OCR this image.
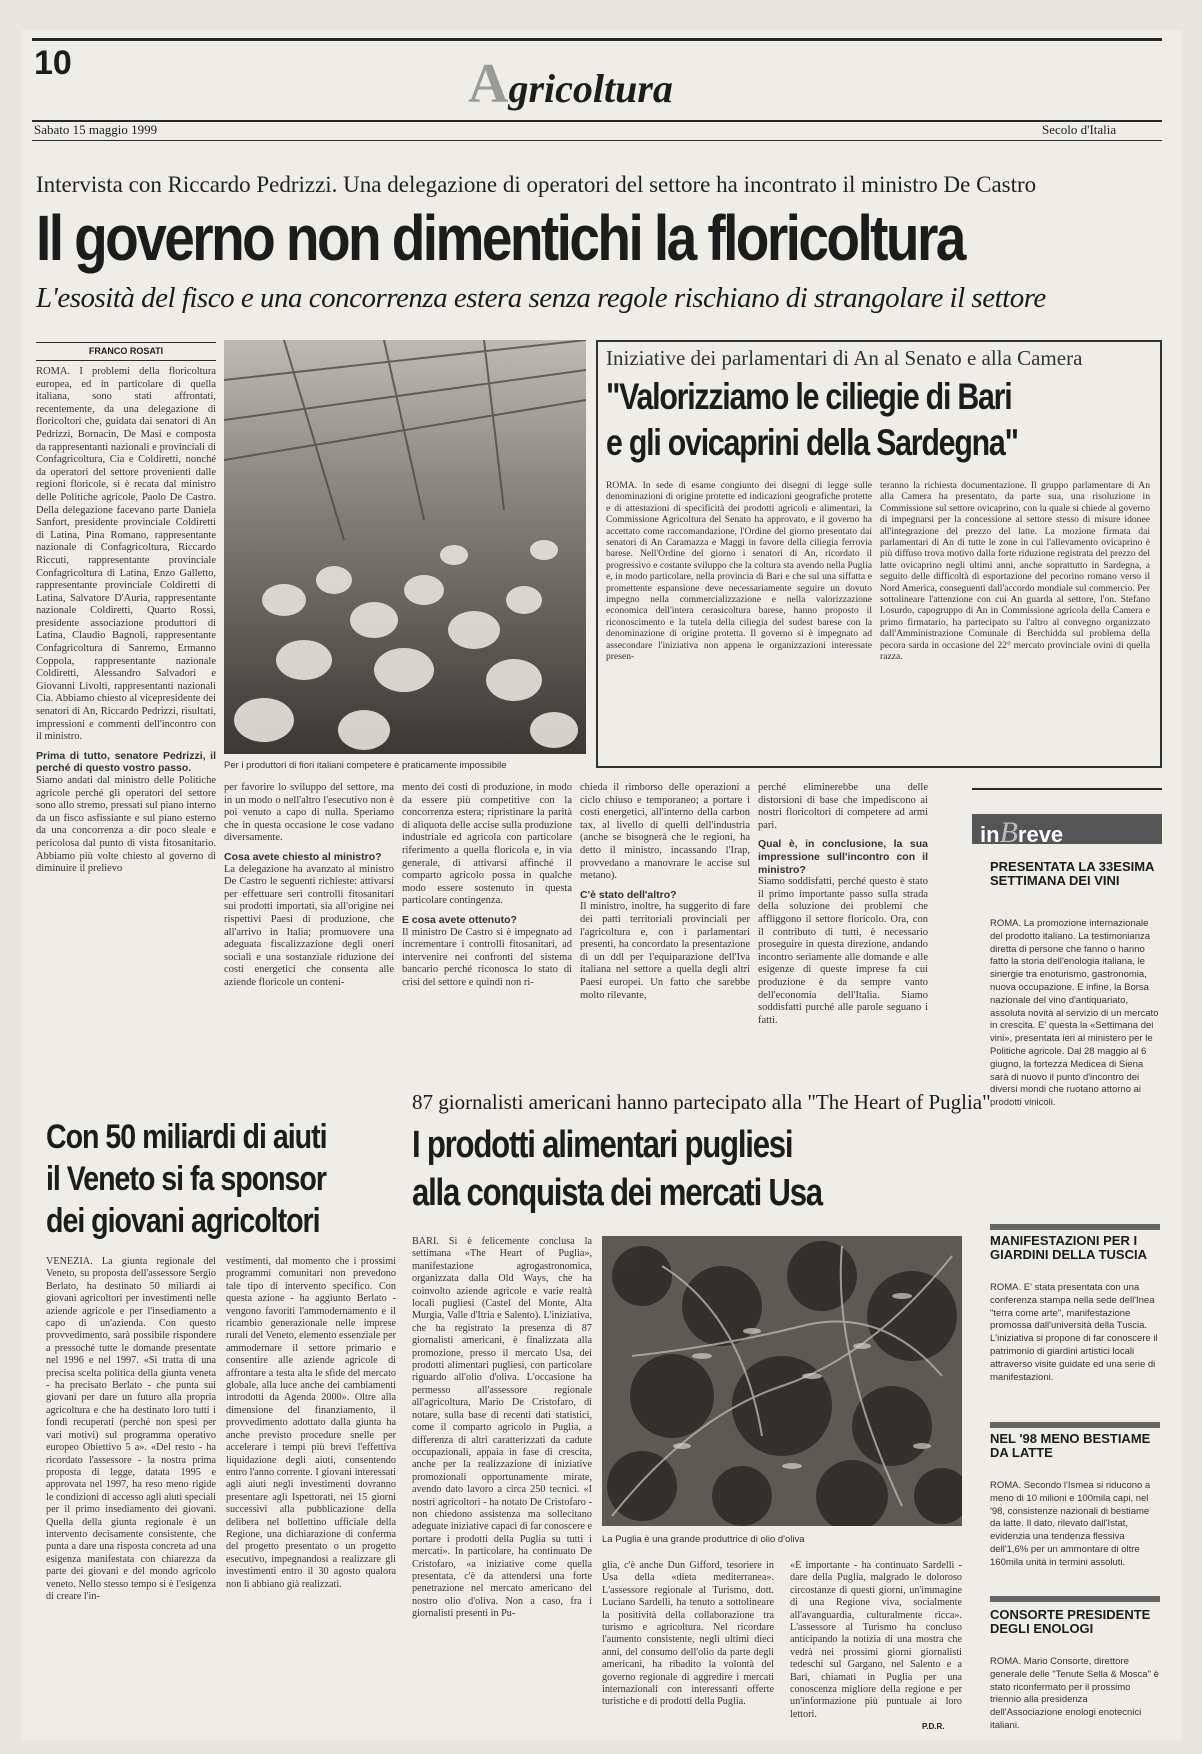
10	Agricoltura
Sabato 15 maggio 1999	Secolo d'Italia
Intervista con Riccardo Pedrizzi. Una delegazione di operatori del settore ha incontrato il ministro De Castro
Il governo non dimentichi la floricoltura
L'esosità del fisco e una concorrenza estera senza regole rischiano di strangolare il settore
FRANCO ROSATI
ROMA. I problemi della floricoltura europea, ed in particolare di quella italiana, sono stati affrontati, recentemente, da una delegazione di floricoltori che, guidata dai senatori di An Pedrizzi, Bornacin, De Masi e composta da rappresentanti nazionali e provinciali di Confagricoltura, Cia e Coldiretti, nonché da operatori del settore provenienti dalle regioni floricole, si è recata dal ministro delle Politiche agricole, Paolo De Castro. Della delegazione facevano parte Daniela Sanfort, presidente provinciale Coldiretti di Latina, Pina Romano, rappresentante nazionale di Confagricoltura, Riccardo Riccuti, rappresentante provinciale Confagricoltura di Latina, Enzo Galletto, rappresentante provinciale Coldiretti di Latina, Salvatore D'Auria, rappresentante nazionale Coldiretti, Quarto Rossi, presidente associazione produttori di Latina, Claudio Bagnoli, rappresentante Confagricoltura di Sanremo, Ermanno Coppola, rappresentante nazionale Coldiretti, Alessandro Salvadori e Giovanni Livolti, rappresentanti nazionali Cia. Abbiamo chiesto al vicepresidente dei senatori di An, Riccardo Pedrizzi, risultati, impressioni e commenti dell'incontro con il ministro.
Prima di tutto, senatore Pedrizzi, il perché di questo vostro passo.
Siamo andati dal ministro delle Politiche agricole perché gli operatori del settore sono allo stremo, pressati sul piano interno da un fisco asfissiante e sul piano esterno da una concorrenza a dir poco sleale e pericolosa dal punto di vista fitosanitario. Abbiamo più volte chiesto al governo di diminuire il prelievo
Per i produttori di fiori italiani competere è praticamente impossibile
Iniziative dei parlamentari di An al Senato e alla Camera
"Valorizziamo le ciliegie di Bari
e gli ovicaprini della Sardegna"
ROMA. In sede di esame congiunto dei disegni di legge sulle denominazioni di origine protette ed indicazioni geografiche protette e di attestazioni di specificità dei prodotti agricoli e alimentari, la Commissione Agricoltura del Senato ha approvato, e il governo ha accettato come raccomandazione, l'Ordine del giorno presentato dai senatori di An Caramazza e Maggi in favore della ciliegia ferrovia barese. Nell'Ordine del giorno i senatori di An, ricordato il progressivo e costante sviluppo che la coltura sta avendo nella Puglia e, in modo particolare, nella provincia di Bari e che sul una siffatta e promettente espansione deve necessariamente seguire un dovuto impegno nella commercializzazione e nella valorizzazione economica dell'intera cerasicoltura barese, hanno proposto il riconoscimento e la tutela della ciliegia del sudest barese con la denominazione di origine protetta. Il governo si è impegnato ad assecondare l'iniziativa non appena le organizzazioni interessate presen-
teranno la richiesta documentazione. Il gruppo parlamentare di An alla Camera ha presentato, da parte sua, una risoluzione in Commissione sul settore ovicaprino, con la quale si chiede al governo di impegnarsi per la concessione al settore stesso di misure idonee all'integrazione del prezzo del latte. La mozione firmata dai parlamentari di An di tutte le zone in cui l'allevamento ovicaprino è più diffuso trova motivo dalla forte riduzione registrata del prezzo del latte ovicaprino negli ultimi anni, anche soprattutto in Sardegna, a seguito delle difficoltà di esportazione del pecorino romano verso il Nord America, conseguenti dall'accordo mondiale sul commercio. Per sottolineare l'attenzione con cui An guarda al settore, l'on. Stefano Losurdo, capogruppo di An in Commissione agricola della Camera e primo firmatario, ha partecipato su l'altro al convegno organizzato dall'Amministrazione Comunale di Berchidda sul problema della pecora sarda in occasione del 22° mercato provinciale ovini di quella razza.
per favorire lo sviluppo del settore, ma in un modo o nell'altro l'esecutivo non è poi venuto a capo di nulla. Speriamo che in questa occasione le cose vadano diversamente.
Cosa avete chiesto al ministro?
La delegazione ha avanzato al ministro De Castro le seguenti richieste: attivarsi per effettuare seri controlli fitosanitari sui prodotti importati, sia all'origine nei rispettivi Paesi di produzione, che all'arrivo in Italia; promuovere una adeguata fiscalizzazione degli oneri sociali e una sostanziale riduzione dei costi energetici che consenta alle aziende floricole un conteni-
mento dei costi di produzione, in modo da essere più competitive con la concorrenza estera; ripristinare la parità di aliquota delle accise sulla produzione industriale ed agricola con particolare riferimento a quella floricola e, in via generale, di attivarsi affinché il comparto agricolo possa in qualche modo essere sostenuto in questa particolare contingenza.
E cosa avete ottenuto?
Il ministro De Castro si è impegnato ad incrementare i controlli fitosanitari, ad intervenire nei confronti del sistema bancario perché riconosca lo stato di crisi del settore e quindi non ri-
chieda il rimborso delle operazioni a ciclo chiuso e temporaneo; a portare i costi energetici, all'interno della carbon tax, al livello di quelli dell'industria (anche se bisognerà che le regioni, ha detto il ministro, incassando l'Irap, provvedano a manovrare le accise sul metano).
C'è stato dell'altro?
Il ministro, inoltre, ha suggerito di fare dei patti territoriali provinciali per l'agricoltura e, con i parlamentari presenti, ha concordato la presentazione di un ddl per l'equiparazione dell'Iva italiana nel settore a quella degli altri Paesi europei. Un fatto che sarebbe molto rilevante,
perché eliminerebbe una delle distorsioni di base che impediscono ai nostri floricoltori di competere ad armi pari.
Qual è, in conclusione, la sua impressione sull'incontro con il ministro?
Siamo soddisfatti, perché questo è stato il primo importante passo sulla strada della soluzione dei problemi che affliggono il settore floricolo. Ora, con il contributo di tutti, è necessario proseguire in questa direzione, andando incontro seriamente alle domande e alle esigenze di queste imprese fa cui produzione è da sempre vanto dell'economia dell'Italia. Siamo soddisfatti purché alle parole seguano i fatti.
inBreve
PRESENTATA LA 33ESIMA SETTIMANA DEI VINI
ROMA. La promozione internazionale del prodotto italiano. La testimonianza diretta di persone che fanno o hanno fatto la storia dell'enologia italiana, le sinergie tra enoturismo, gastronomia, nuova occupazione. E infine, la Borsa nazionale del vino d'antiquariato, assoluta novità al servizio di un mercato in crescita. E' questa la «Settimana dei vini», presentata ieri al ministero per le Politiche agricole. Dal 28 maggio al 6 giugno, la fortezza Medicea di Siena sarà di nuovo il punto d'incontro dei diversi mondi che ruotano attorno ai prodotti vinicoli.
MANIFESTAZIONI PER I GIARDINI DELLA TUSCIA
ROMA. E' stata presentata con una conferenza stampa nella sede dell'Inea "terra come arte", manifestazione promossa dall'università della Tuscia. L'iniziativa si propone di far conoscere il patrimonio di giardini artistici locali attraverso visite guidate ed una serie di manifestazioni.
NEL '98 MENO BESTIAME DA LATTE
ROMA. Secondo l'Ismea si riducono a meno di 10 milioni e 100mila capi, nel '98, consistenze nazionali di bestiame da latte. Il dato, rilevato dall'Istat, evidenzia una tendenza flessiva dell'1,6% per un ammontare di oltre 160mila unità in termini assoluti.
CONSORTE PRESIDENTE DEGLI ENOLOGI
ROMA. Mario Consorte, direttore generale delle "Tenute Sella & Mosca" è stato riconfermato per il prossimo triennio alla presidenza dell'Associazione enologi enotecnici italiani.
Con 50 miliardi di aiuti
il Veneto si fa sponsor
dei giovani agricoltori
VENEZIA. La giunta regionale del Veneto, su proposta dell'assessore Sergio Berlato, ha destinato 50 miliardi ai giovani agricoltori per investimenti nelle aziende agricole e per l'insediamento a capo di un'azienda. Con questo provvedimento, sarà possibile rispondere a pressoché tutte le domande presentate nel 1996 e nel 1997. «Si tratta di una precisa scelta politica della giunta veneta - ha precisato Berlato - che punta sui giovani per dare un futuro alla propria agricoltura e che ha destinato loro tutti i fondi recuperati (perché non spesi per vari motivi) sul programma operativo europeo Obiettivo 5 a». «Del resto - ha ricordato l'assessore - la nostra prima proposta di legge, datata 1995 e approvata nel 1997, ha reso meno rigide le condizioni di accesso agli aiuti speciali per il primo insediamento dei giovani. Quella della giunta regionale è un intervento decisamente consistente, che punta a dare una risposta concreta ad una esigenza manifestata con chiarezza da parte dei giovani e del mondo agricolo veneto. Nello stesso tempo si è l'esigenza di creare l'in-
vestimenti, dal momento che i prossimi programmi comunitari non prevedono tale tipo di intervento specifico. Con questa azione - ha aggiunto Berlato - vengono favoriti l'ammodernamento e il ricambio generazionale nelle imprese rurali del Veneto, elemento essenziale per ammodernare il settore primario e consentire alle aziende agricole di affrontare a testa alta le sfide del mercato globale, alla luce anche dei cambiamenti introdotti da Agenda 2000». Oltre alla dimensione del finanziamento, il provvedimento adottato dalla giunta ha anche previsto procedure snelle per accelerare i tempi più brevi l'effettiva liquidazione degli aiuti, consentendo entro l'anno corrente. I giovani interessati agli aiuti negli investimenti dovranno presentare agli Ispettorati, nei 15 giorni successivi alla pubblicazione della delibera nel bollettino ufficiale della Regione, una dichiarazione di conferma del progetto presentato o un progetto esecutivo, impegnandosi a realizzare gli investimenti entro il 30 agosto qualora non li abbiano già realizzati.
87 giornalisti americani hanno partecipato alla "The Heart of Puglia"
I prodotti alimentari pugliesi
alla conquista dei mercati Usa
BARI. Si è felicemente conclusa la settimana «The Heart of Puglia», manifestazione agrogastronomica, organizzata dalla Old Ways, che ha coinvolto aziende agricole e varie realtà locali pugliesi (Castel del Monte, Alta Murgia, Valle d'Itria e Salento). L'iniziativa, che ha registrato la presenza di 87 giornalisti americani, è finalizzata alla promozione, presso il mercato Usa, dei prodotti alimentari pugliesi, con particolare riguardo all'olio d'oliva. L'occasione ha permesso all'assessore regionale all'agricoltura, Mario De Cristofaro, di notare, sulla base di recenti dati statistici, come il comparto agricolo in Puglia, a differenza di altri caratterizzati da cadute occupazionali, appaia in fase di crescita, anche per la realizzazione di iniziative promozionali opportunamente mirate, avendo dato lavoro a circa 250 tecnici. «I nostri agricoltori - ha notato De Cristofaro - non chiedono assistenza ma sollecitano adeguate iniziative capaci di far conoscere e portare i prodotti della Puglia su tutti i mercati». In particolare, ha continuato De Cristofaro, «a iniziative come quella presentata, c'è da attendersi una forte penetrazione nel mercato americano del nostro olio d'oliva. Non a caso, fra i giornalisti presenti in Pu-
La Puglia è una grande produttrice di olio d'oliva
glia, c'è anche Dun Gifford, tesoriere in Usa della «dieta mediterranea». L'assessore regionale al Turismo, dott. Luciano Sardelli, ha tenuto a sottolineare la positività della collaborazione tra turismo e agricoltura. Nel ricordare l'aumento consistente, negli ultimi dieci anni, del consumo dell'olio da parte degli americani, ha ribadito la volontà del governo regionale di aggredire i mercati internazionali con interessanti offerte turistiche e di prodotti della Puglia.
«È importante - ha continuato Sardelli - dare della Puglia, malgrado le doloroso circostanze di questi giorni, un'immagine di una Regione viva, socialmente all'avanguardia, culturalmente ricca». L'assessore al Turismo ha concluso anticipando la notizia di una mostra che vedrà nei prossimi giorni giornalisti tedeschi sul Gargano, nel Salento e a Bari, chiamati in Puglia per una conoscenza migliore della regione e per un'informazione più puntuale ai loro lettori.
P.D.R.
